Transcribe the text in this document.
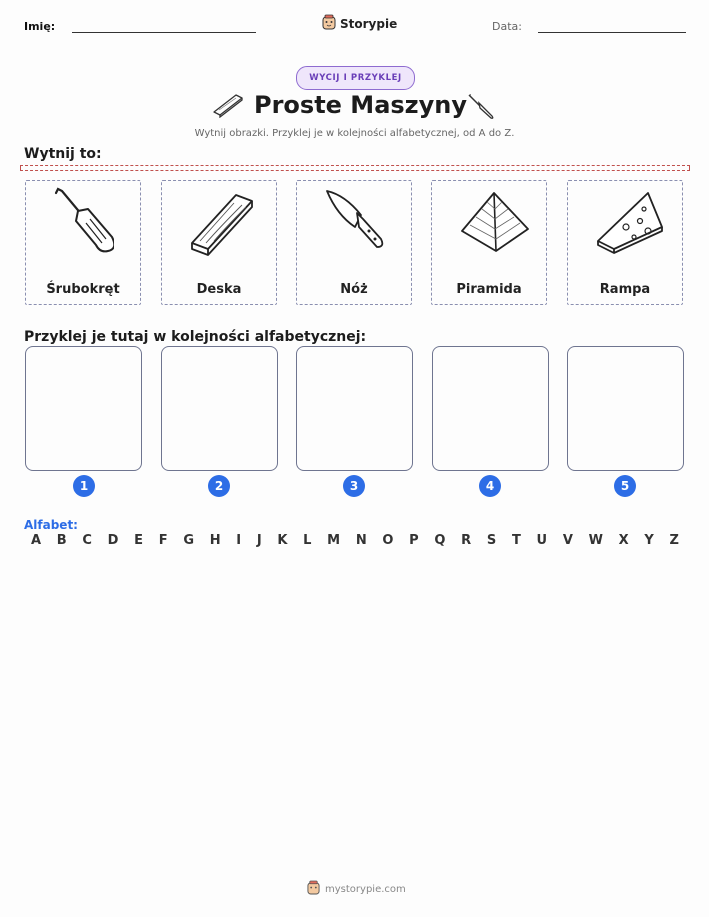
Imię:	Storypie	Data:
WYCIJ I PRZYKLEJ
Proste Maszyny
Wytnij obrazki. Przyklej je w kolejności alfabetycznej, od A do Z.
Wytnij to:
Śrubokręt	Deska	Nóż	Piramida	Rampa
Przyklej je tutaj w kolejności alfabetycznej:
1	2	3	4	5
Alfabet:
A B C D E F G H I J K L M N O P Q R S T U V W X Y Z
mystorypie.com
